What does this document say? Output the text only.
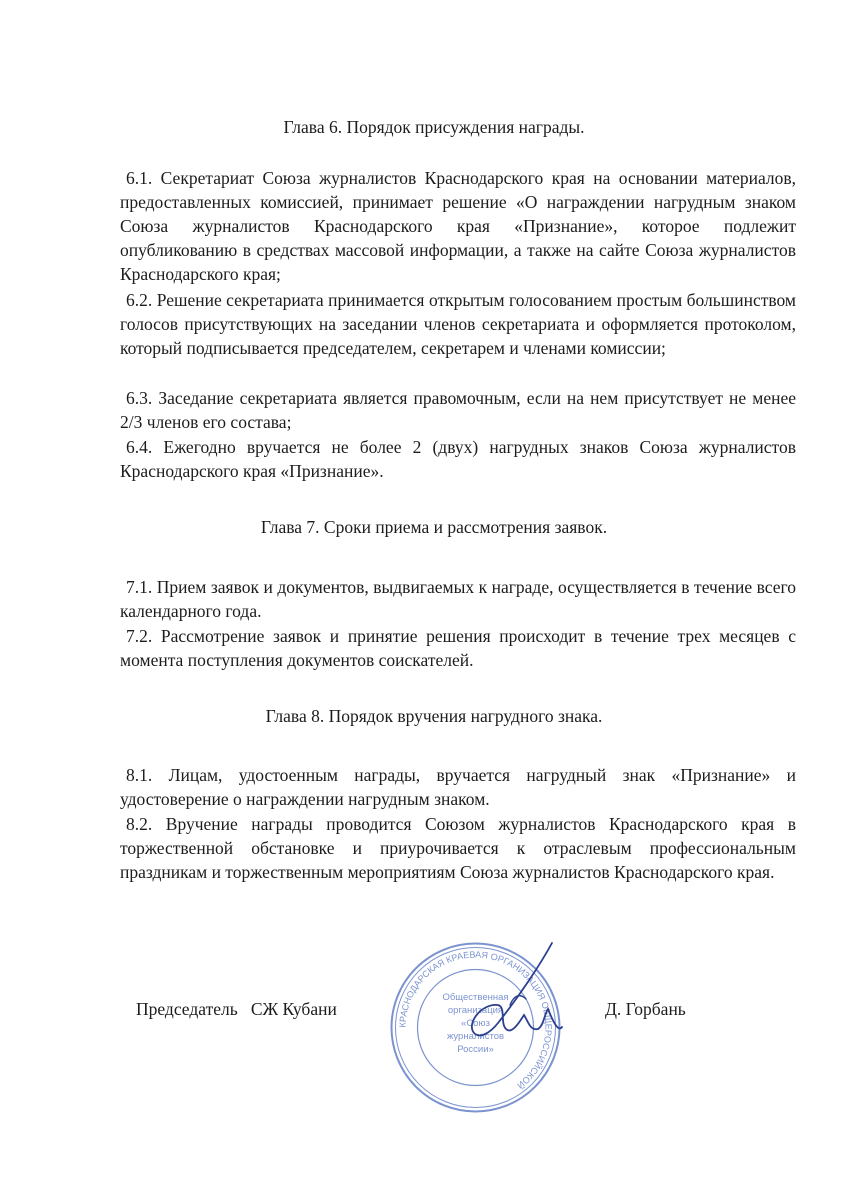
Глава 6. Порядок присуждения награды.

6.1. Секретариат Союза журналистов Краснодарского края на основании материалов, предоставленных комиссией, принимает решение «О награждении нагрудным знаком Союза журналистов Краснодарского края «Признание», которое подлежит опубликованию в средствах массовой информации, а также на сайте Союза журналистов Краснодарского края;

6.2. Решение секретариата принимается открытым голосованием простым большинством голосов присутствующих на заседании членов секретариата и оформляется протоколом, который подписывается председателем, секретарем и членами комиссии;

6.3. Заседание секретариата является правомочным, если на нем присутствует не менее 2/3 членов его состава;

6.4. Ежегодно вручается не более 2 (двух) нагрудных знаков Союза журналистов Краснодарского края «Признание».

Глава 7. Сроки приема и рассмотрения заявок.

7.1. Прием заявок и документов, выдвигаемых к награде, осуществляется в течение всего календарного года.

7.2. Рассмотрение заявок и принятие решения происходит в течение трех месяцев с момента поступления документов соискателей.

Глава 8. Порядок вручения нагрудного знака.

8.1. Лицам, удостоенным награды, вручается нагрудный знак «Признание» и удостоверение о награждении нагрудным знаком.

8.2. Вручение награды проводится Союзом журналистов Краснодарского края в торжественной обстановке и приурочивается к отраслевым профессиональным праздникам и торжественным мероприятиям Союза журналистов Краснодарского края.

КРАСНОДАРСКАЯ КРАЕВАЯ ОРГАНИЗАЦИЯ ОБЩЕРОССИЙСКОЙ
Общественная
организация
«Союз
журналистов
России»
Председатель   СЖ Кубани	Д. Горбань
